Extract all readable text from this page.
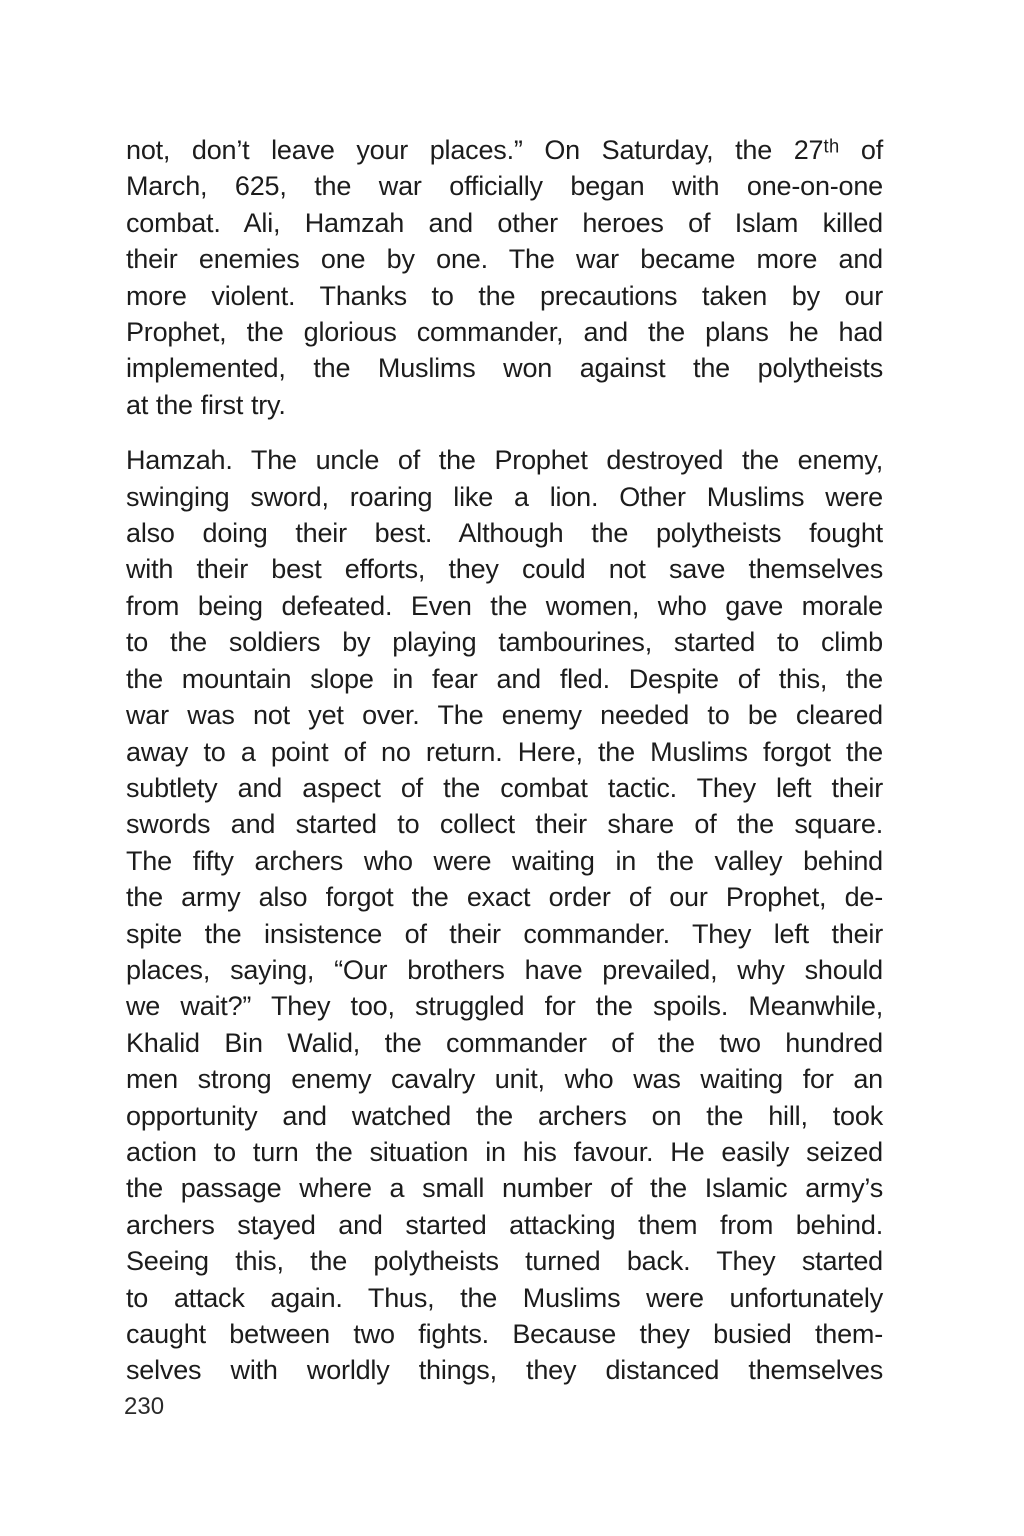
not, don’t leave your places.” On Saturday, the 27ᵗʰ of
March, 625, the war officially began with one-on-one
combat. Ali, Hamzah and other heroes of Islam killed
their enemies one by one. The war became more and
more violent. Thanks to the precautions taken by our
Prophet, the glorious commander, and the plans he had
implemented, the Muslims won against the polytheists
at the first try.
Hamzah. The uncle of the Prophet destroyed the enemy,
swinging sword, roaring like a lion. Other Muslims were
also doing their best. Although the polytheists fought
with their best efforts, they could not save themselves
from being defeated. Even the women, who gave morale
to the soldiers by playing tambourines, started to climb
the mountain slope in fear and fled. Despite of this, the
war was not yet over. The enemy needed to be cleared
away to a point of no return. Here, the Muslims forgot the
subtlety and aspect of the combat tactic. They left their
swords and started to collect their share of the square.
The fifty archers who were waiting in the valley behind
the army also forgot the exact order of our Prophet, de-
spite the insistence of their commander. They left their
places, saying, “Our brothers have prevailed, why should
we wait?” They too, struggled for the spoils. Meanwhile,
Khalid Bin Walid, the commander of the two hundred
men strong enemy cavalry unit, who was waiting for an
opportunity and watched the archers on the hill, took
action to turn the situation in his favour. He easily seized
the passage where a small number of the Islamic army’s
archers stayed and started attacking them from behind.
Seeing this, the polytheists turned back. They started
to attack again. Thus, the Muslims were unfortunately
caught between two fights. Because they busied them-
selves with worldly things, they distanced themselves
230
